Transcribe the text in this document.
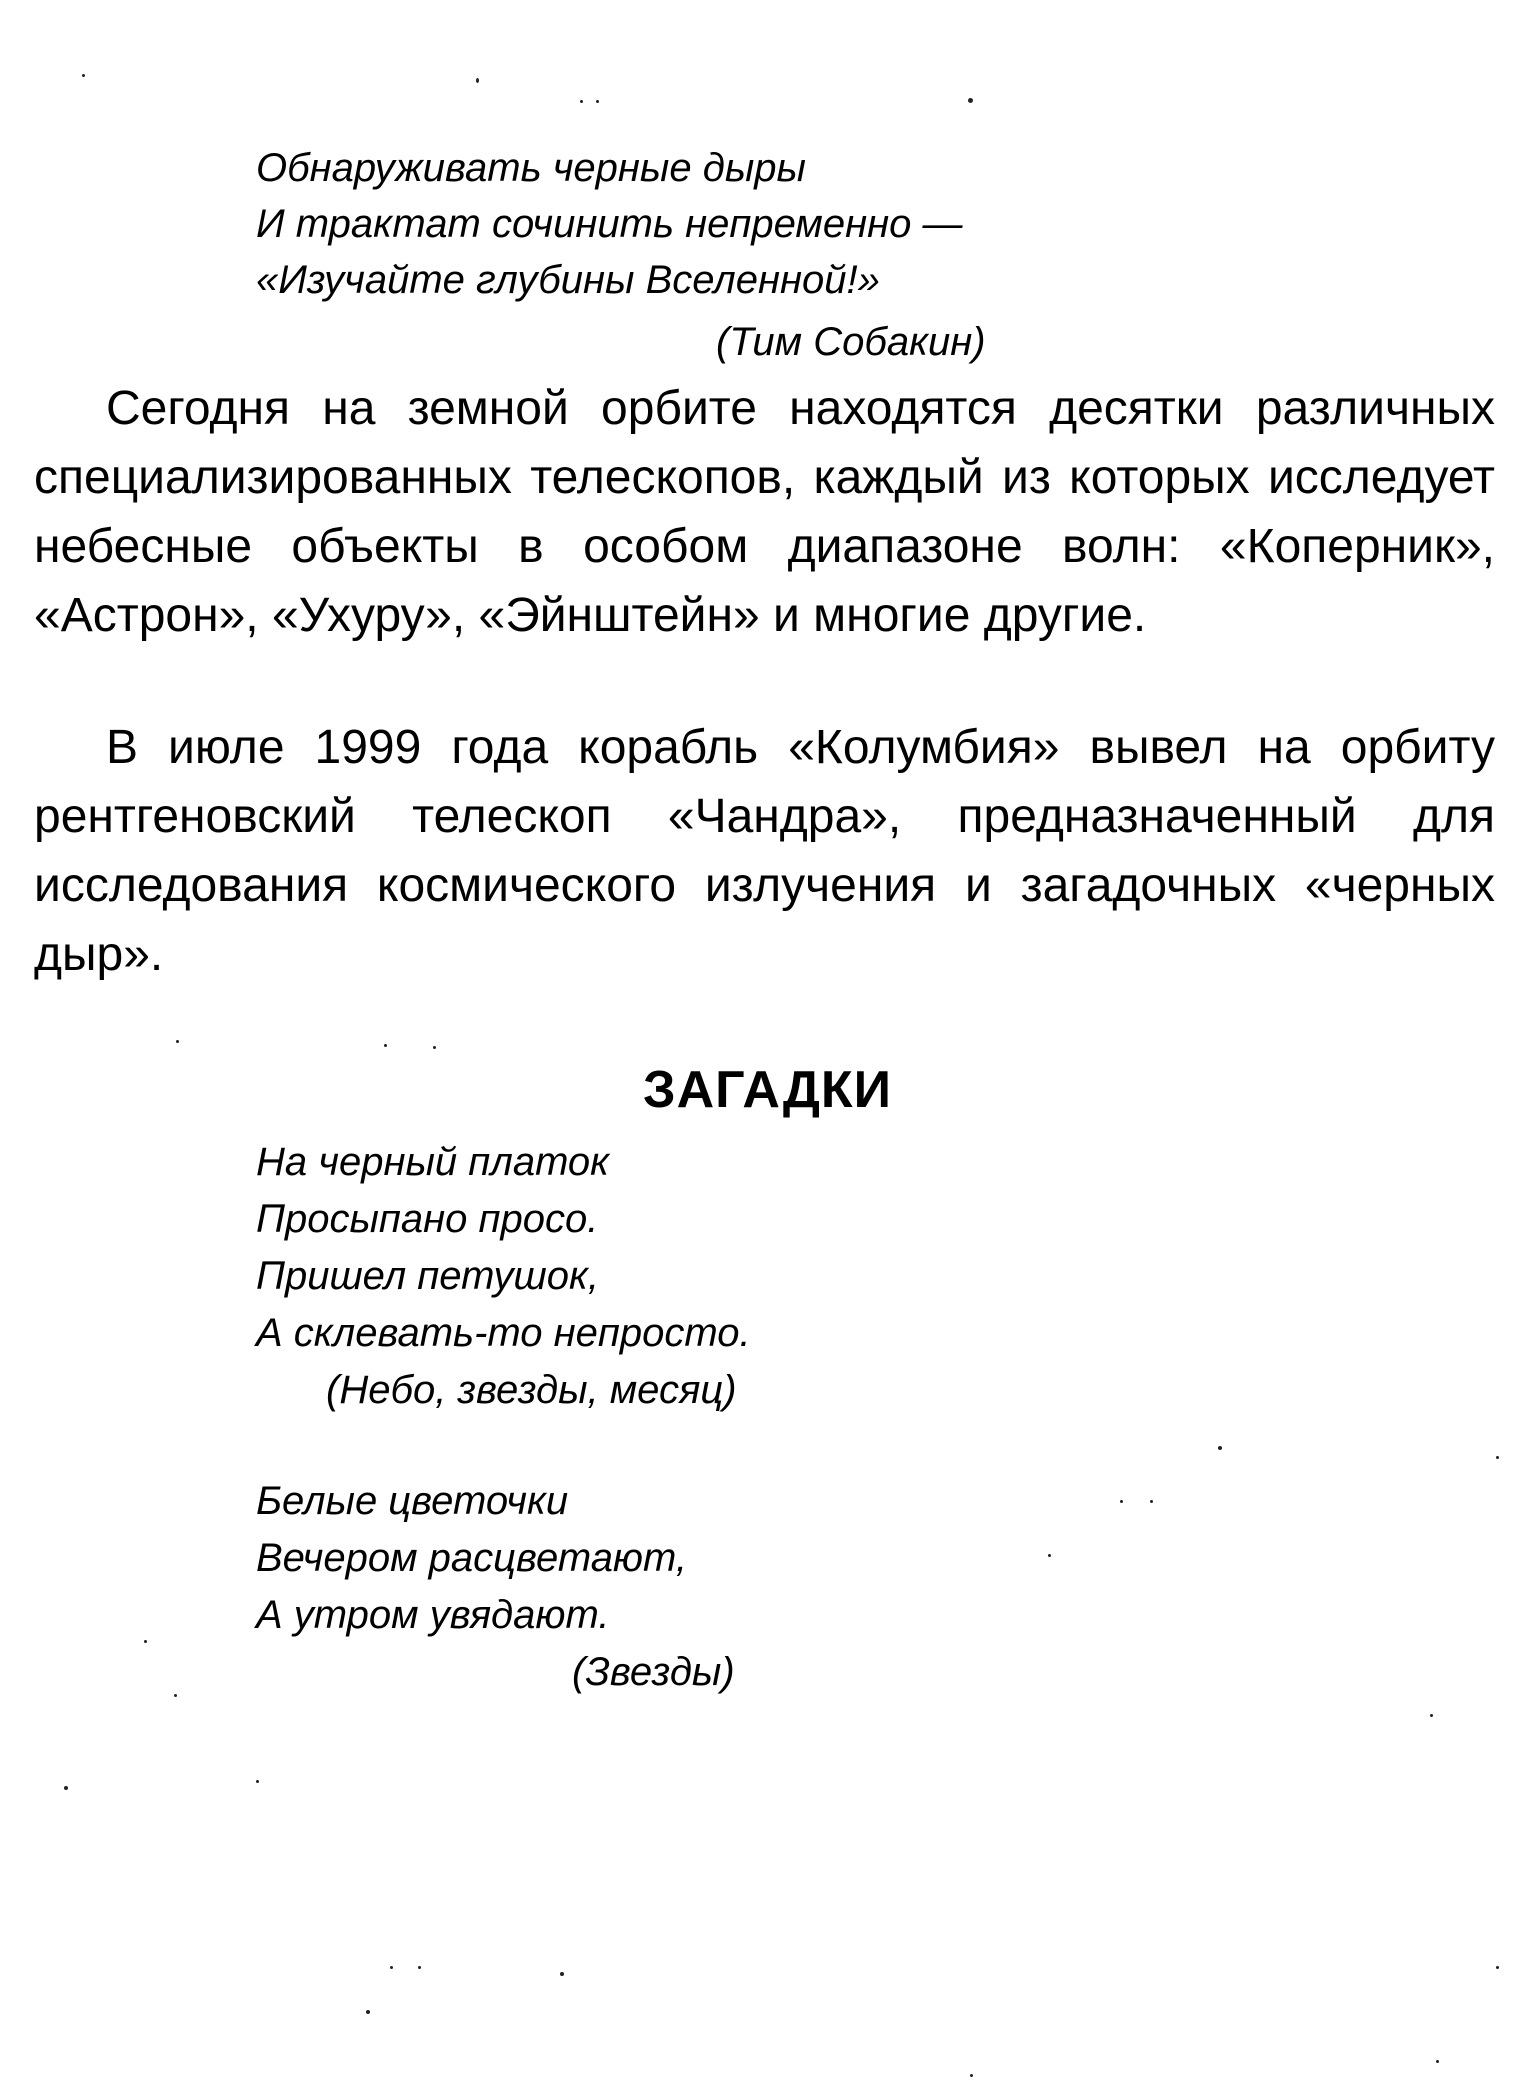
Обнаруживать черные дыры
И трактат сочинить непременно —
«Изучайте глубины Вселенной!»
(Тим Собакин)
Сегодня на земной орбите находятся десятки различных специализированных телескопов, каждый из которых исследует небесные объекты в особом диапазоне волн: «Коперник», «Астрон», «Ухуру», «Эйнштейн» и многие другие.
В июле 1999 года корабль «Колумбия» вывел на орбиту рентгеновский телескоп «Чандра», предназначенный для исследования космического излучения и загадочных «черных дыр».
ЗАГАДКИ
На черный платок
Просыпано просо.
Пришел петушок,
А склевать-то непросто.
(Небо, звезды, месяц)
Белые цветочки
Вечером расцветают,
А утром увядают.
(Звезды)
